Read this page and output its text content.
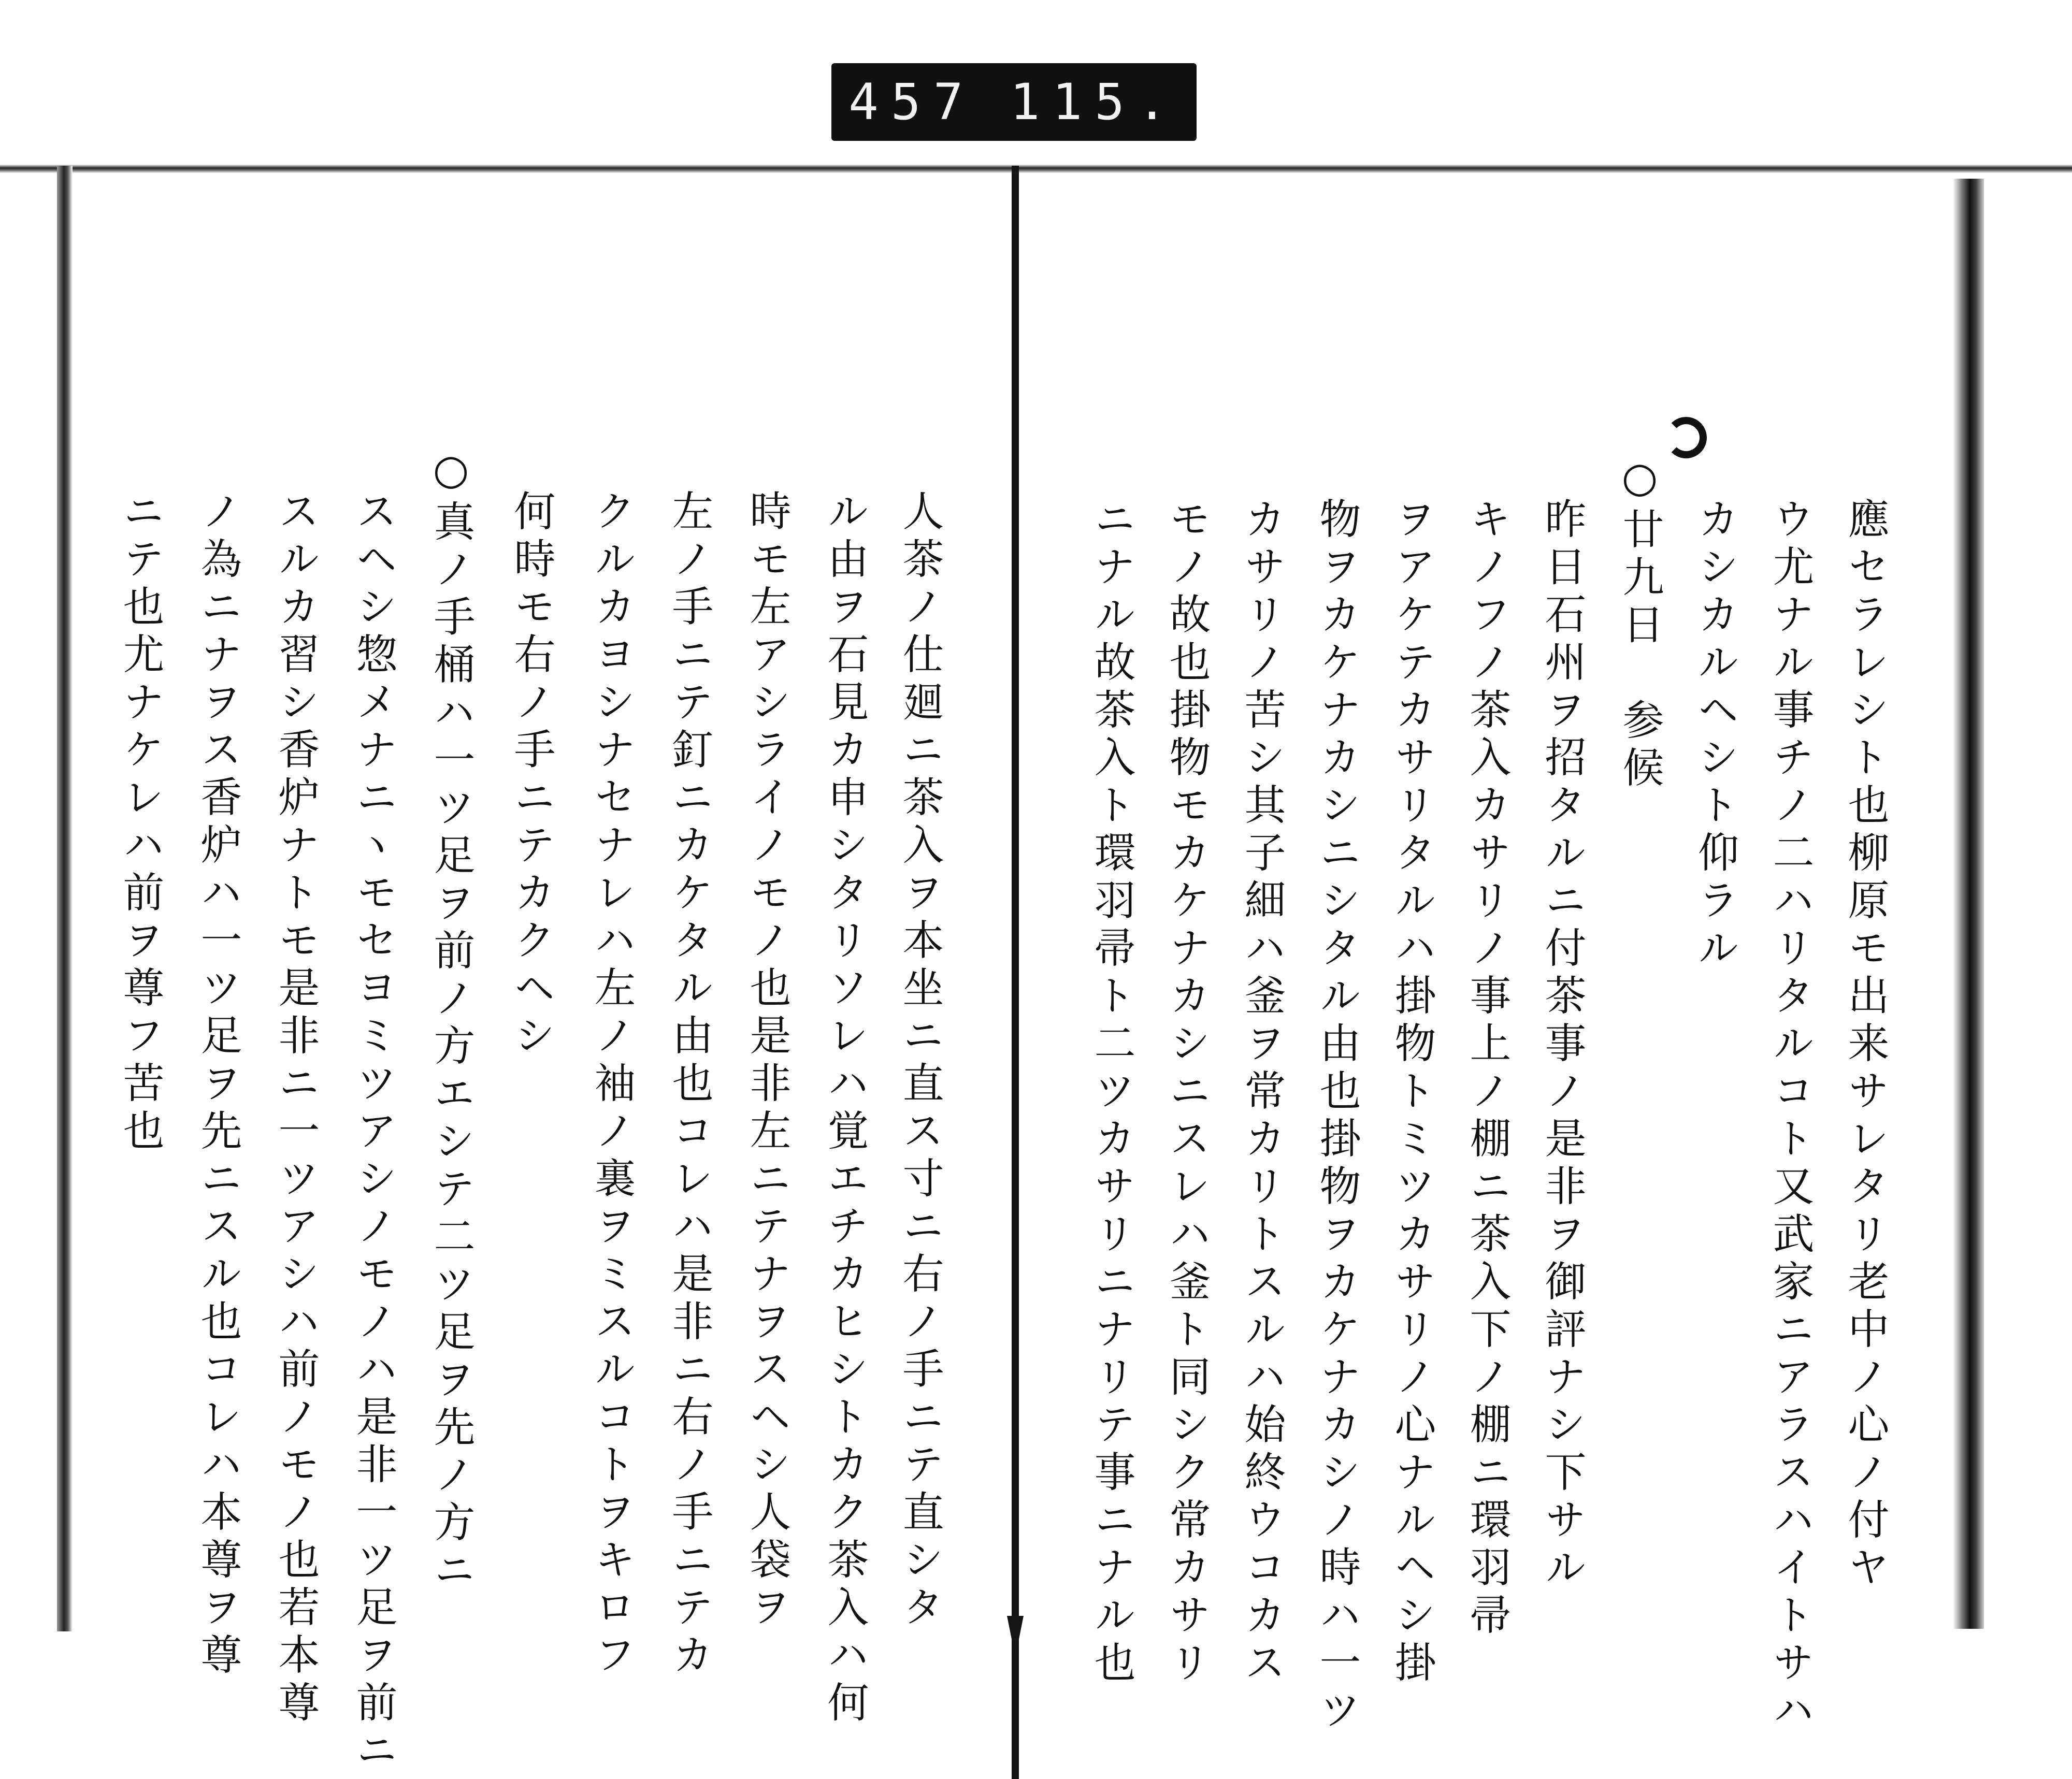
457 115.
應セラレシト也柳原モ出来サレタリ老中ノ心ノ付ヤ
ウ尤ナル事チノ二ハリタルコト又武家ニアラスハイトサハ
カシカルヘシト仰ラル
○廿九日　参候
昨日石州ヲ招タルニ付茶事ノ是非ヲ御評ナシ下サル
キノフノ茶入カサリノ事上ノ棚ニ茶入下ノ棚ニ環羽帚
ヲアケテカサリタルハ掛物トミツカサリノ心ナルヘシ掛
物ヲカケナカシニシタル由也掛物ヲカケナカシノ時ハ一ツ
カサリノ苦シ其子細ハ釜ヲ常カリトスルハ始終ウコカス
モノ故也掛物モカケナカシニスレハ釜ト同シク常カサリ
ニナル故茶入ト環羽帚ト二ツカサリニナリテ事ニナル也
人茶ノ仕廻ニ茶入ヲ本坐ニ直ス寸ニ右ノ手ニテ直シタ
ル由ヲ石見カ申シタリソレハ覚エチカヒシトカク茶入ハ何
時モ左アシライノモノ也是非左ニテナヲスヘシ人袋ヲ
左ノ手ニテ釘ニカケタル由也コレハ是非ニ右ノ手ニテカ
クルカヨシナセナレハ左ノ袖ノ裏ヲミスルコトヲキロフ
何時モ右ノ手ニテカクヘシ
○真ノ手桶ハ一ツ足ヲ前ノ方エシテ二ツ足ヲ先ノ方ニ
スヘシ惣メナニヽモセヨミツアシノモノハ是非一ツ足ヲ前ニ
スルカ習シ香炉ナトモ是非ニ一ツアシハ前ノモノ也若本尊
ノ為ニナヲス香炉ハ一ツ足ヲ先ニスル也コレハ本尊ヲ尊
ニテ也尤ナケレハ前ヲ尊フ苦也
